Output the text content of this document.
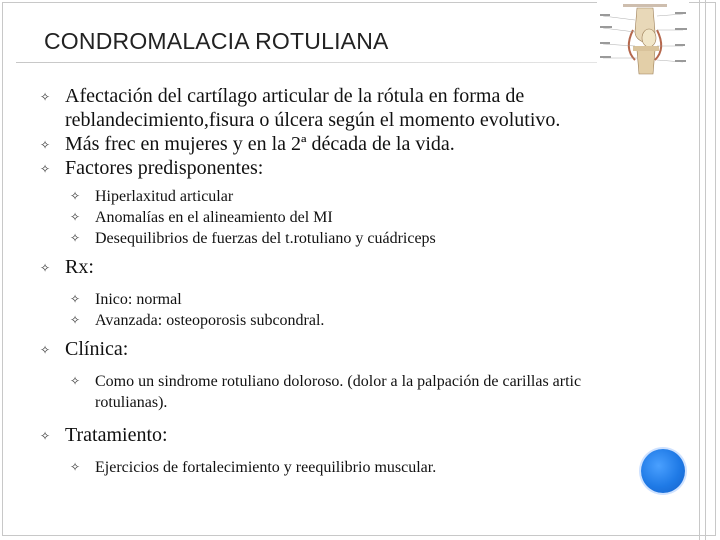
CONDROMALACIA ROTULIANA
✧ Afectación del cartílago articular de la rótula en forma de reblandecimiento,fisura o úlcera según el momento evolutivo.
✧ Más frec en mujeres y en la 2ª década de la vida.
✧ Factores predisponentes:
✧ Hiperlaxitud articular
✧ Anomalías en el alineamiento del MI
✧ Desequilibrios de fuerzas del t.rotuliano y cuádriceps
✧ Rx:
✧ Inico: normal
✧ Avanzada: osteoporosis subcondral.
✧ Clínica:
✧ Como un sindrome rotuliano doloroso. (dolor a la palpación de carillas artic rotulianas).
✧ Tratamiento:
✧ Ejercicios de fortalecimiento y reequilibrio muscular.
